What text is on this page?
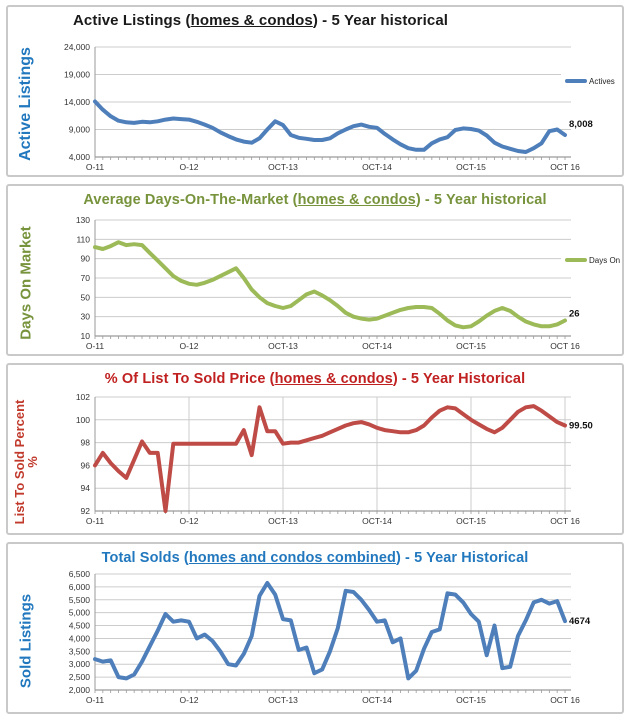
Active Listings (homes & condos) - 5 Year historical
Active Listings	4,000
9,000
14,000
19,000
24,000
O-11	O-12	OCT-13	OCT-14	OCT-15	OCT 16
Actives
8,008
Average Days-On-The-Market (homes & condos) - 5 Year historical
Days On Market	10
30
50
70
90
110
130
O-11	O-12	OCT-13	OCT-14	OCT-15	OCT 16
Days On
26
% Of List To Sold Price (homes & condos) - 5 Year Historical
List To Sold Percent
%
92
94
96
98
100
102
O-11	O-12	OCT-13	OCT-14	OCT-15	OCT 16
99.50
Total Solds (homes and condos combined) - 5 Year Historical
Sold Listings
2,000
2,500
3,000
3,500
4,000
4,500
5,000
5,500
6,000
6,500
O-11	O-12	OCT-13	OCT-14	OCT-15	OCT 16
4674
